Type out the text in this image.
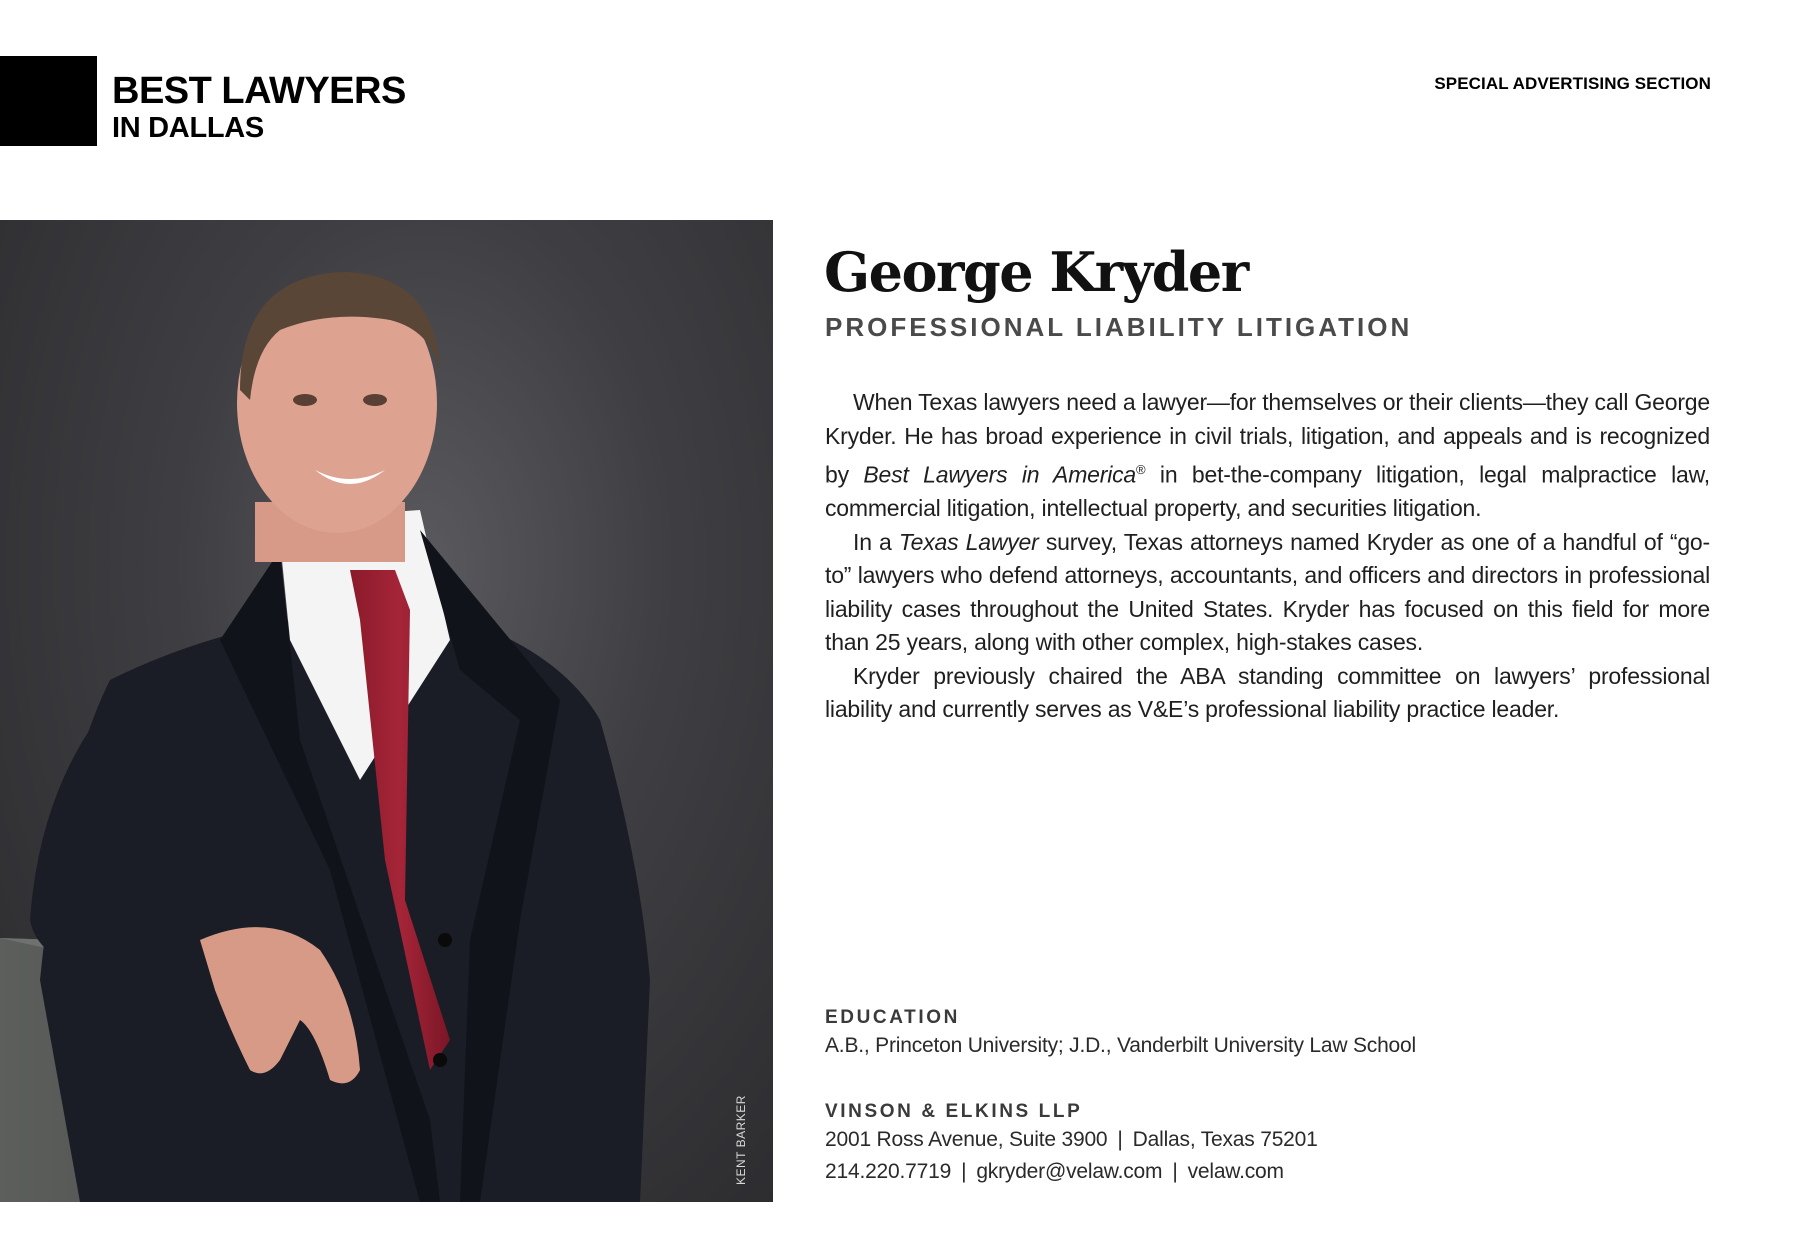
BEST LAWYERS
IN DALLAS
SPECIAL ADVERTISING SECTION
KENT BARKER
George Kryder
PROFESSIONAL LIABILITY LITIGATION

When Texas lawyers need a lawyer—for themselves or their clients—they call George Kryder. He has broad experience in civil trials, litigation, and appeals and is recognized by Best Lawyers in America® in bet-the-company litigation, legal malpractice law, commercial litigation, intellectual property, and securities litigation.

In a Texas Lawyer survey, Texas attorneys named Kryder as one of a handful of “go-to” lawyers who defend attorneys, accountants, and officers and directors in professional liability cases throughout the United States. Kryder has focused on this field for more than 25 years, along with other complex, high-stakes cases.

Kryder previously chaired the ABA standing committee on lawyers’ professional liability and currently serves as V&E’s professional liability practice leader.

EDUCATION
A.B., Princeton University; J.D., Vanderbilt University Law School
VINSON & ELKINS LLP
2001 Ross Avenue, Suite 3900 | Dallas, Texas 75201
214.220.7719 | gkryder@velaw.com | velaw.com
